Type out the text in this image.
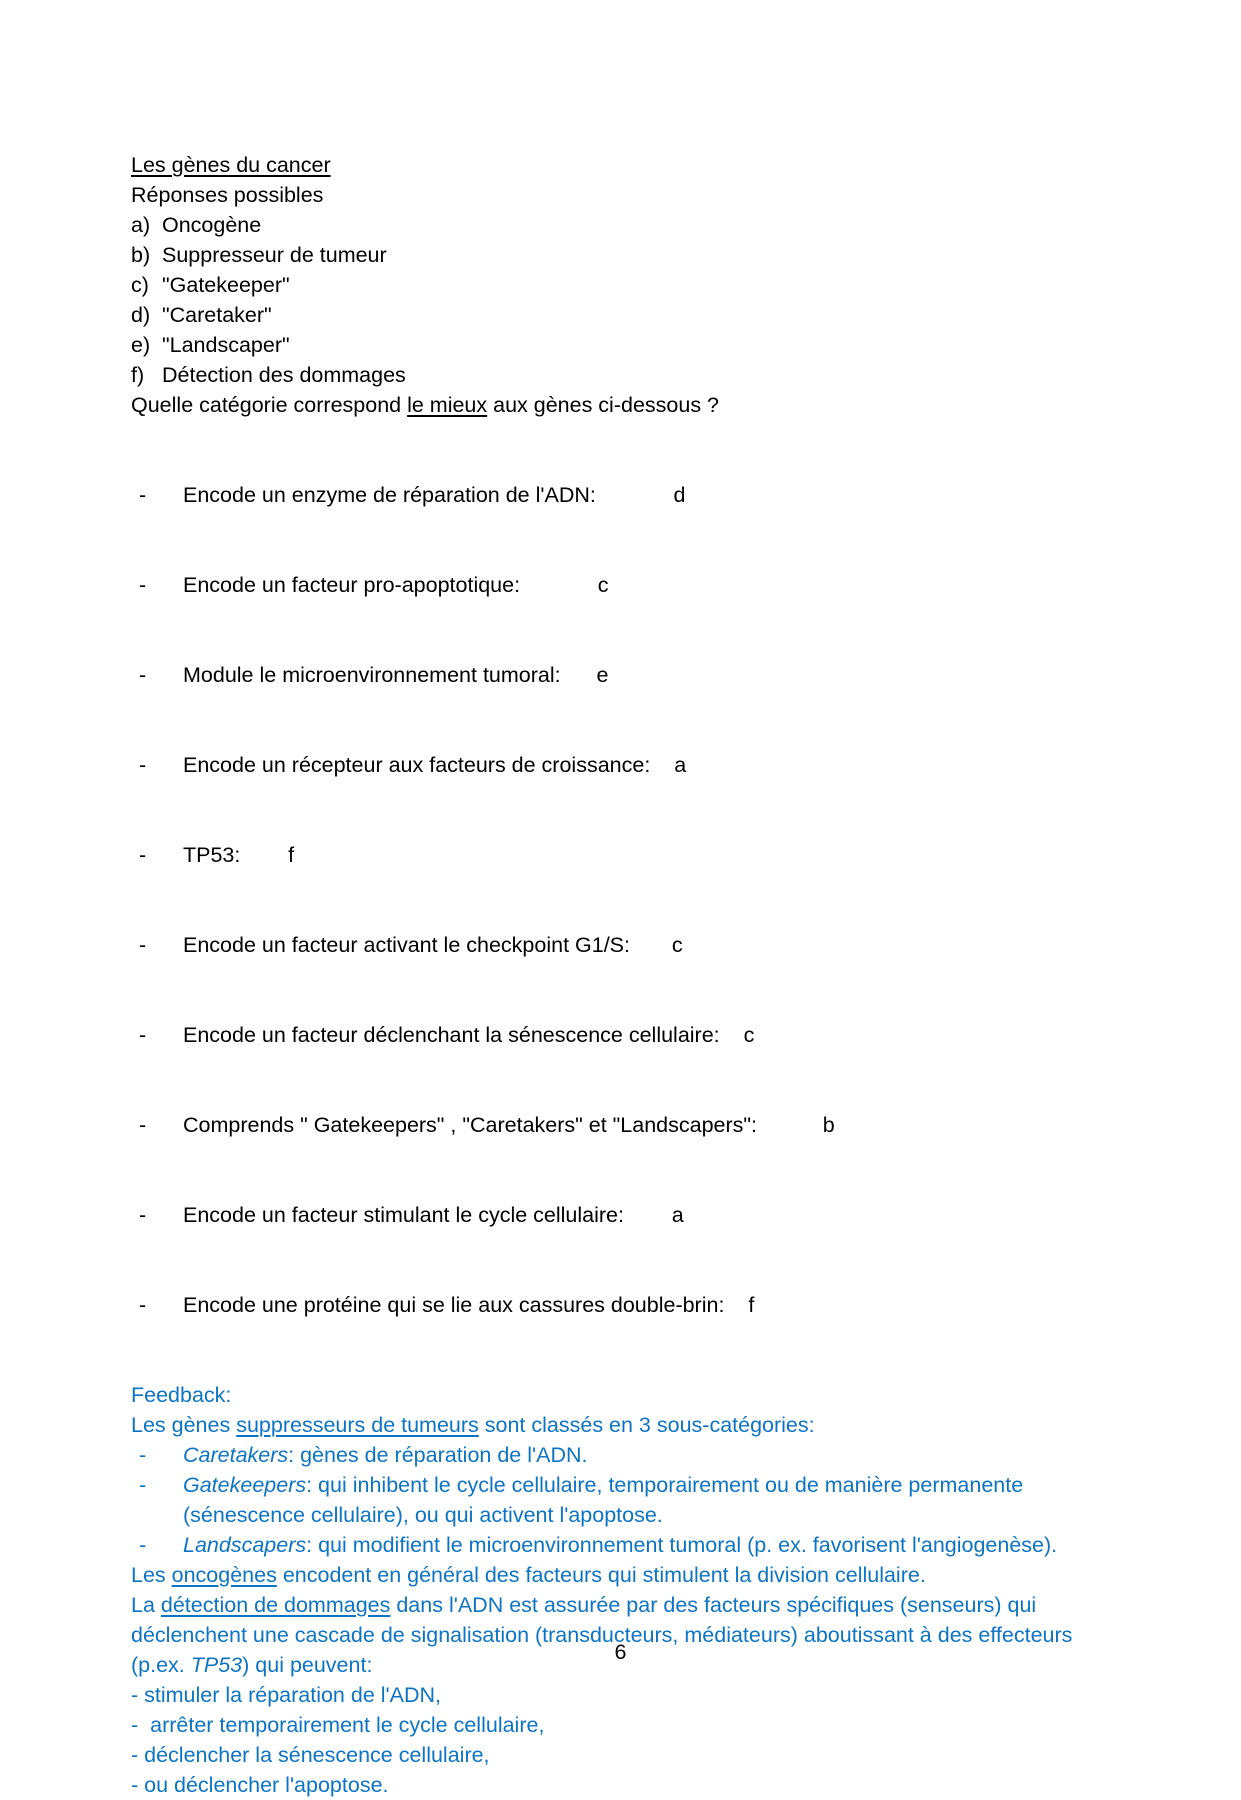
Les gènes du cancer

Réponses possibles

a) Oncogène
b) Suppresseur de tumeur
c) "Gatekeeper"
d) "Caretaker"
e) "Landscaper"
f) Détection des dommages

Quelle catégorie correspond le mieux aux gènes ci-dessous ?

- Encode un enzyme de réparation de l'ADN:	d

- Encode un facteur pro-apoptotique:	c

- Module le microenvironnement tumoral: e

- Encode un récepteur aux facteurs de croissance: a

- TP53: f

- Encode un facteur activant le checkpoint G1/S: c

- Encode un facteur déclenchant la sénescence cellulaire: c

- Comprends " Gatekeepers" , "Caretakers" et "Landscapers":	b

- Encode un facteur stimulant le cycle cellulaire: a

- Encode une protéine qui se lie aux cassures double-brin: f

Feedback:

Les gènes suppresseurs de tumeurs sont classés en 3 sous-catégories:

- Caretakers: gènes de réparation de l'ADN.
- Gatekeepers: qui inhibent le cycle cellulaire, temporairement ou de manière permanente (sénescence cellulaire), ou qui activent l'apoptose.
- Landscapers: qui modifient le microenvironnement tumoral (p. ex. favorisent l'angiogenèse).

Les oncogènes encodent en général des facteurs qui stimulent la division cellulaire.

La détection de dommages dans l'ADN est assurée par des facteurs spécifiques (senseurs) qui déclenchent une cascade de signalisation (transducteurs, médiateurs) aboutissant à des effecteurs (p.ex. TP53) qui peuvent:

- stimuler la réparation de l'ADN,
-  arrêter temporairement le cycle cellulaire,
- déclencher la sénescence cellulaire,
- ou déclencher l'apoptose.
6
